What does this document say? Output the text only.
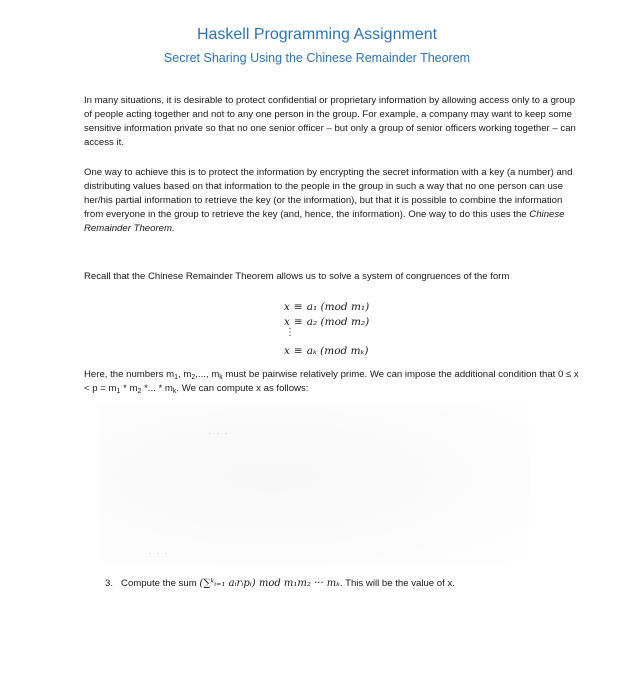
Haskell Programming Assignment
Secret Sharing Using the Chinese Remainder Theorem

In many situations, it is desirable to protect confidential or proprietary information by allowing access only to a group of people acting together and not to any one person in the group. For example, a company may want to keep some sensitive information private so that no one senior officer – but only a group of senior officers working together – can access it.

One way to achieve this is to protect the information by encrypting the secret information with a key (a number) and distributing values based on that information to the people in the group in such a way that no one person can use her/his partial information to retrieve the key (or the information), but that it is possible to combine the information from everyone in the group to retrieve the key (and, hence, the information). One way to do this uses the Chinese Remainder Theorem.

Recall that the Chinese Remainder Theorem allows us to solve a system of congruences of the form

x ≡ a₁ (mod m₁)
x ≡ a₂ (mod m₂)
⋮
x ≡ aₖ (mod mₖ)

Here, the numbers $m_1$, $m_2$,..., $m_k$ must be pairwise relatively prime. We can impose the additional condition that $0 \le x < p = m_1 * m_2$ *... * $m_k$. We can compute x as follows:

· · ·
· · ·
3. Compute the sum (∑ᵏᵢ₌₁ aᵢrᵢpᵢ) mod m₁m₂ ··· mₖ. This will be the value of x.
